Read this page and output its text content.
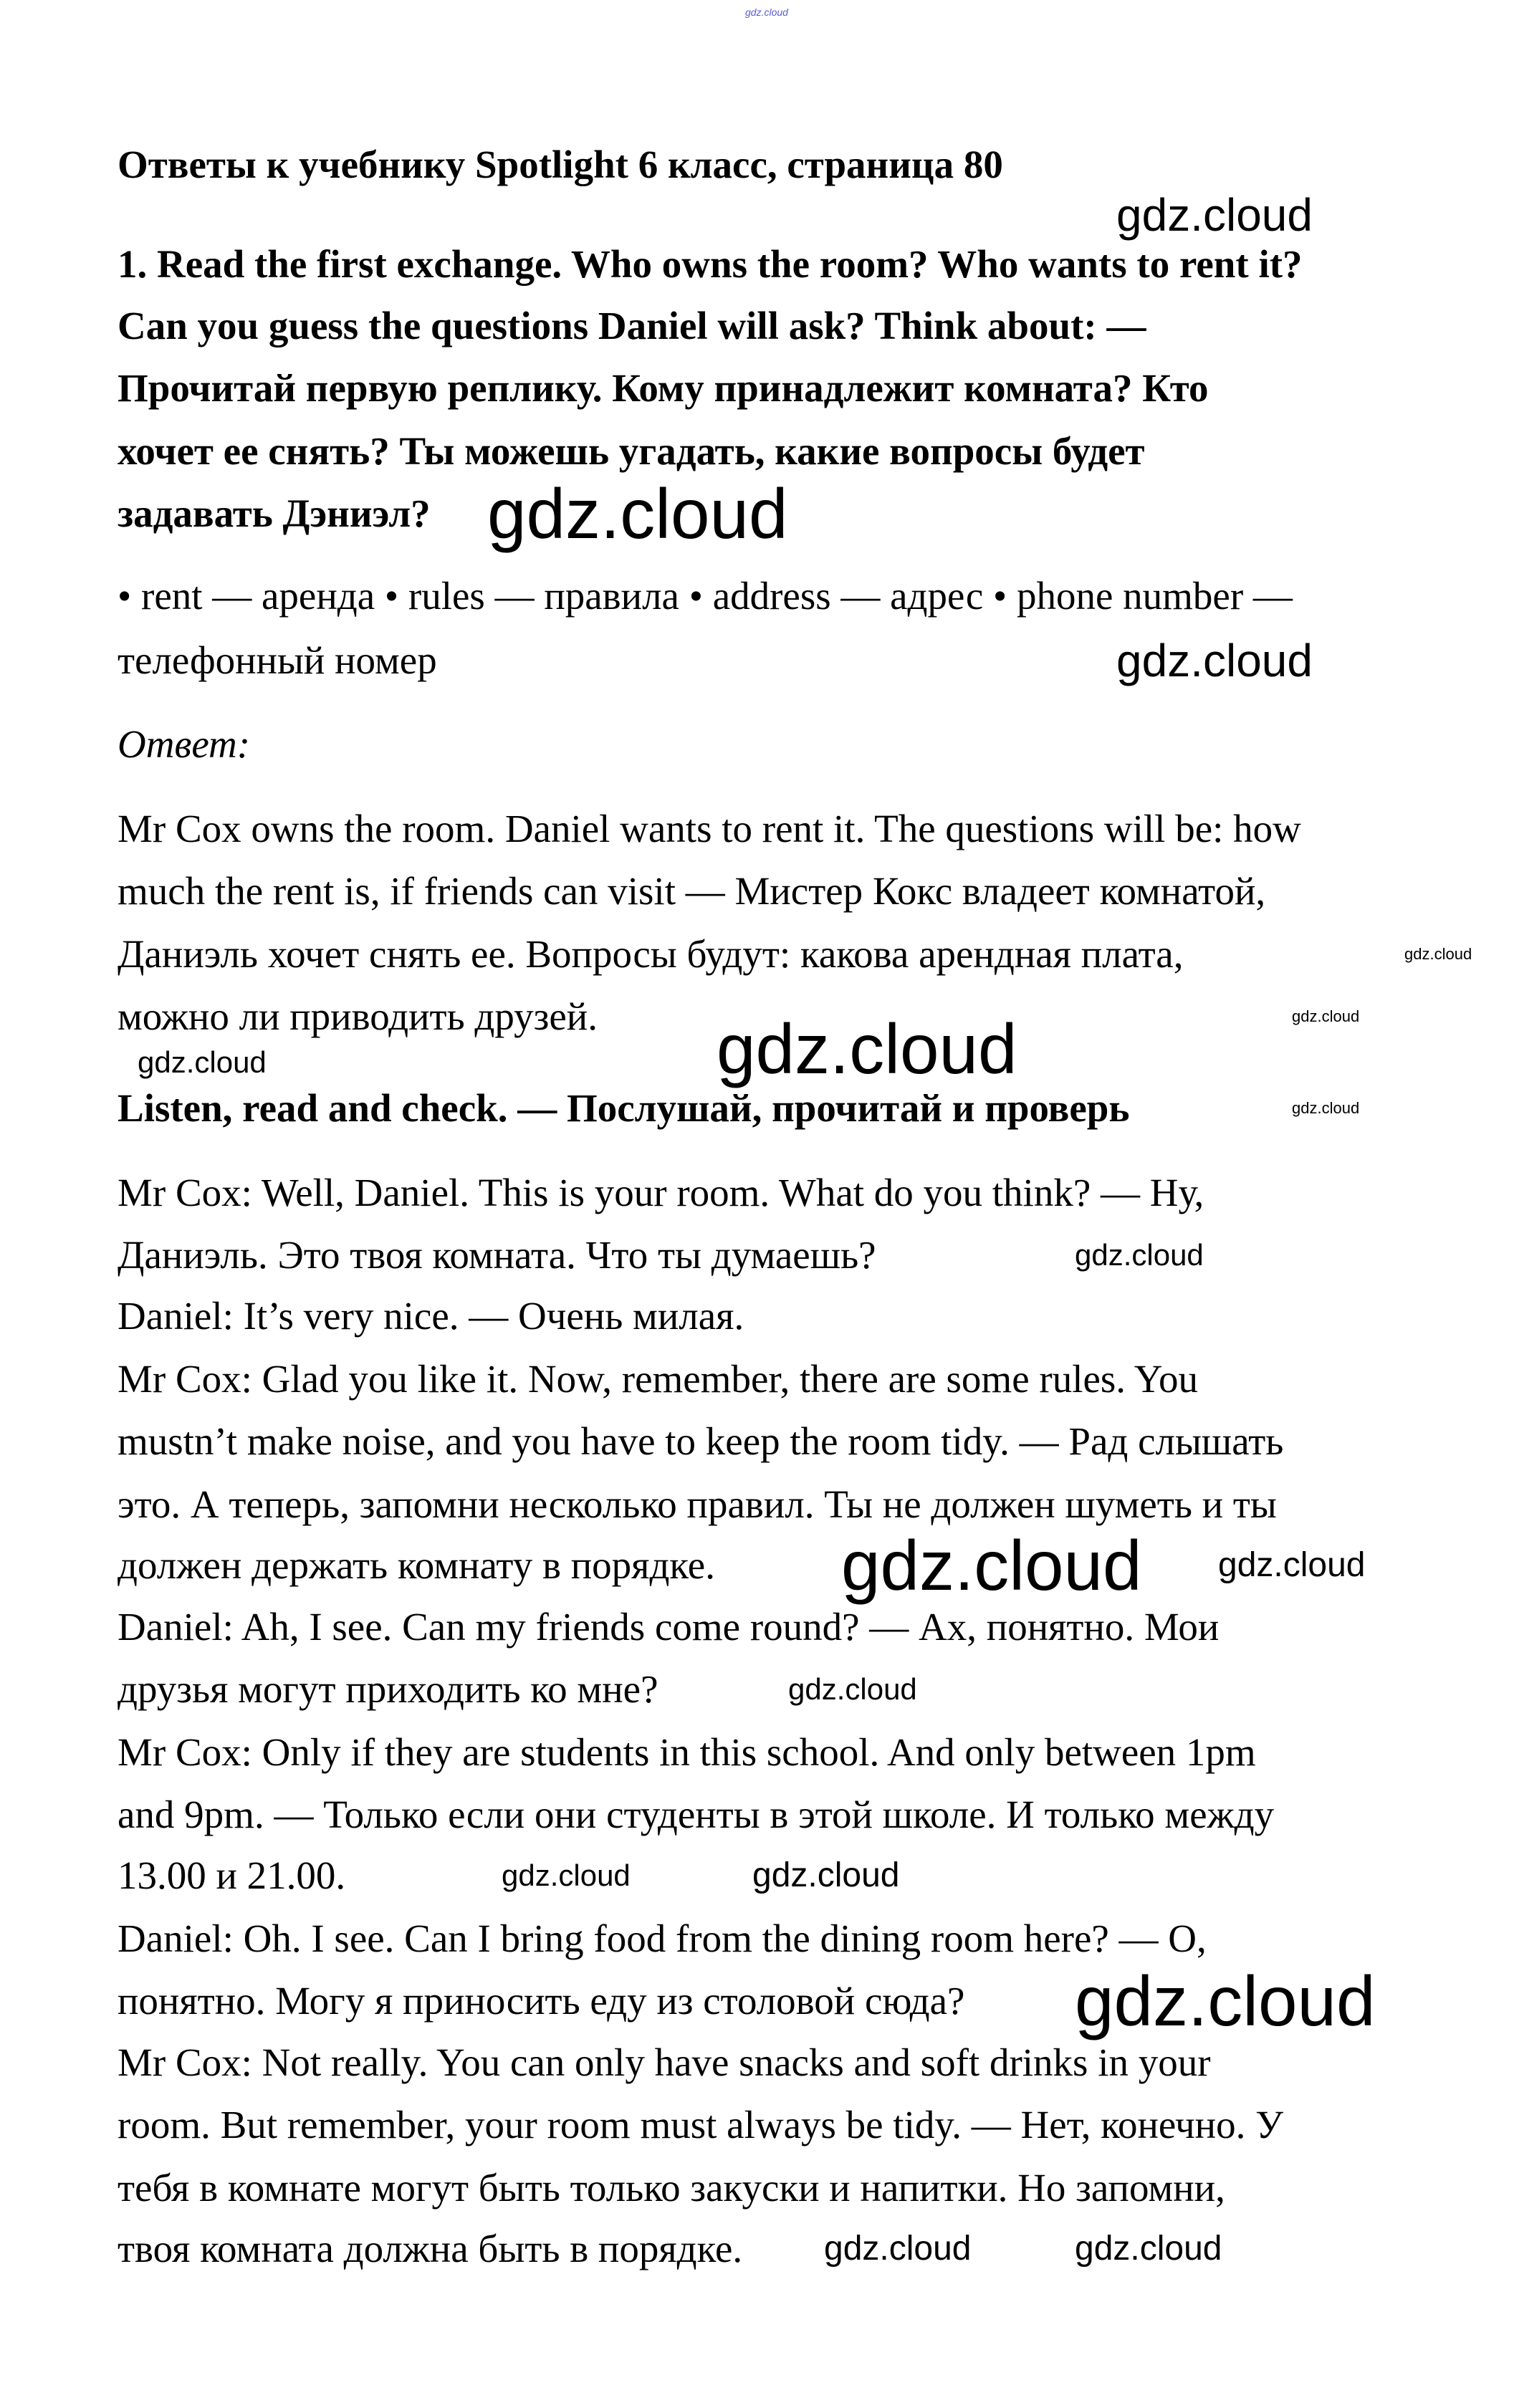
gdz.cloud
Ответы к учебнику Spotlight 6 класс, страница 80
1. Read the first exchange. Who owns the room? Who wants to rent it?
Can you guess the questions Daniel will ask? Think about: —
Прочитай первую реплику. Кому принадлежит комната? Кто
хочет ее снять? Ты можешь угадать, какие вопросы будет
задавать Дэниэл?
• rent — аренда • rules — правила • address — адрес • phone number —
телефонный номер
Ответ:
Mr Cox owns the room. Daniel wants to rent it. The questions will be: how
much the rent is, if friends can visit — Мистер Кокс владеет комнатой,
Даниэль хочет снять ее. Вопросы будут: какова арендная плата,
можно ли приводить друзей.
Listen, read and check. — Послушай, прочитай и проверь
Mr Cox: Well, Daniel. This is your room. What do you think? — Ну,
Даниэль. Это твоя комната. Что ты думаешь?
Daniel: It’s very nice. — Очень милая.
Mr Cox: Glad you like it. Now, remember, there are some rules. You
mustn’t make noise, and you have to keep the room tidy. — Рад слышать
это. А теперь, запомни несколько правил. Ты не должен шуметь и ты
должен держать комнату в порядке.
Daniel: Ah, I see. Can my friends come round? — Ах, понятно. Мои
друзья могут приходить ко мне?
Mr Cox: Only if they are students in this school. And only between 1pm
and 9pm. — Только если они студенты в этой школе. И только между
13.00 и 21.00.
Daniel: Oh. I see. Can I bring food from the dining room here? — О,
понятно. Могу я приносить еду из столовой сюда?
Mr Cox: Not really. You can only have snacks and soft drinks in your
room. But remember, your room must always be tidy. — Нет, конечно. У
тебя в комнате могут быть только закуски и напитки. Но запомни,
твоя комната должна быть в порядке.
gdz.cloud
gdz.cloud
gdz.cloud
gdz.cloud
gdz.cloud
gdz.cloud	gdz.cloud
gdz.cloud
gdz.cloud
gdz.cloud
gdz.cloud
gdz.cloud
gdz.cloud	gdz.cloud
gdz.cloud
gdz.cloud	gdz.cloud
